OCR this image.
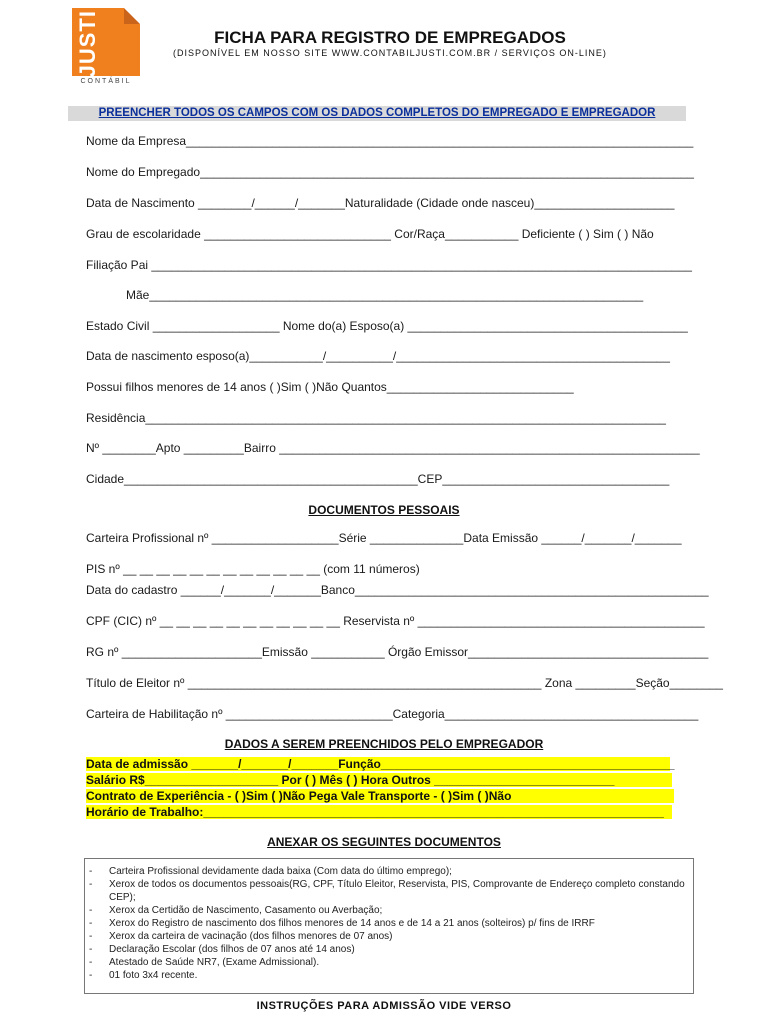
JUSTI
CONTÁBIL
FICHA PARA REGISTRO DE EMPREGADOS
(DISPONÍVEL EM NOSSO SITE WWW.CONTABILJUSTI.COM.BR / SERVIÇOS ON-LINE)
PREENCHER TODOS OS CAMPOS COM OS DADOS COMPLETOS DO EMPREGADO E EMPREGADOR
Nome da Empresa____________________________________________________________________________
Nome do Empregado__________________________________________________________________________
Data de Nascimento ________/______/_______Naturalidade (Cidade onde nasceu)_____________________
Grau de escolaridade ____________________________ Cor/Raça___________ Deficiente ( ) Sim ( ) Não
Filiação Pai _________________________________________________________________________________
Mãe__________________________________________________________________________
Estado Civil ___________________ Nome do(a) Esposo(a) __________________________________________
Data de nascimento esposo(a)___________/__________/_________________________________________
Possui filhos menores de 14 anos ( )Sim ( )Não Quantos____________________________
Residência______________________________________________________________________________
Nº ________Apto _________Bairro _______________________________________________________________
Cidade____________________________________________CEP__________________________________
DOCUMENTOS PESSOAIS
Carteira Profissional nº ___________________Série ______________Data Emissão ______/_______/_______
PIS nº __ __ __ __ __ __ __ __ __ __ __ __ (com 11 números)
Data do cadastro ______/_______/_______Banco_____________________________________________________
CPF (CIC) nº __ __ __ __ __ __ __ __ __ __ __ Reservista nº ___________________________________________
RG nº _____________________Emissão ___________ Órgão Emissor____________________________________
Título de Eleitor nº _____________________________________________________ Zona _________Seção________
Carteira de Habilitação nº _________________________Categoria______________________________________
DADOS A SEREM PREENCHIDOS PELO EMPREGADOR
Data de admissão _______/_______/_______Função____________________________________________
Salário R$____________________ Por ( ) Mês ( ) Hora Outros ___________________________
Contrato de Experiência - ( )Sim ( )Não Pega Vale Transporte - ( )Sim ( )Não
Horário de Trabalho:_____________________________________________________________________
ANEXAR OS SEGUINTES DOCUMENTOS
- Carteira Profissional devidamente dada baixa (Com data do último emprego);
- Xerox de todos os documentos pessoais(RG, CPF, Título Eleitor, Reservista, PIS, Comprovante de Endereço completo constando CEP);
- Xerox da Certidão de Nascimento, Casamento ou Averbação;
- Xerox do Registro de nascimento dos filhos menores de 14 anos e de 14 a 21 anos (solteiros) p/ fins de IRRF
- Xerox da carteira de vacinação (dos filhos menores de 07 anos)
- Declaração Escolar (dos filhos de 07 anos até 14 anos)
- Atestado de Saúde NR7, (Exame Admissional).
- 01 foto 3x4 recente.
INSTRUÇÕES PARA ADMISSÃO VIDE VERSO
